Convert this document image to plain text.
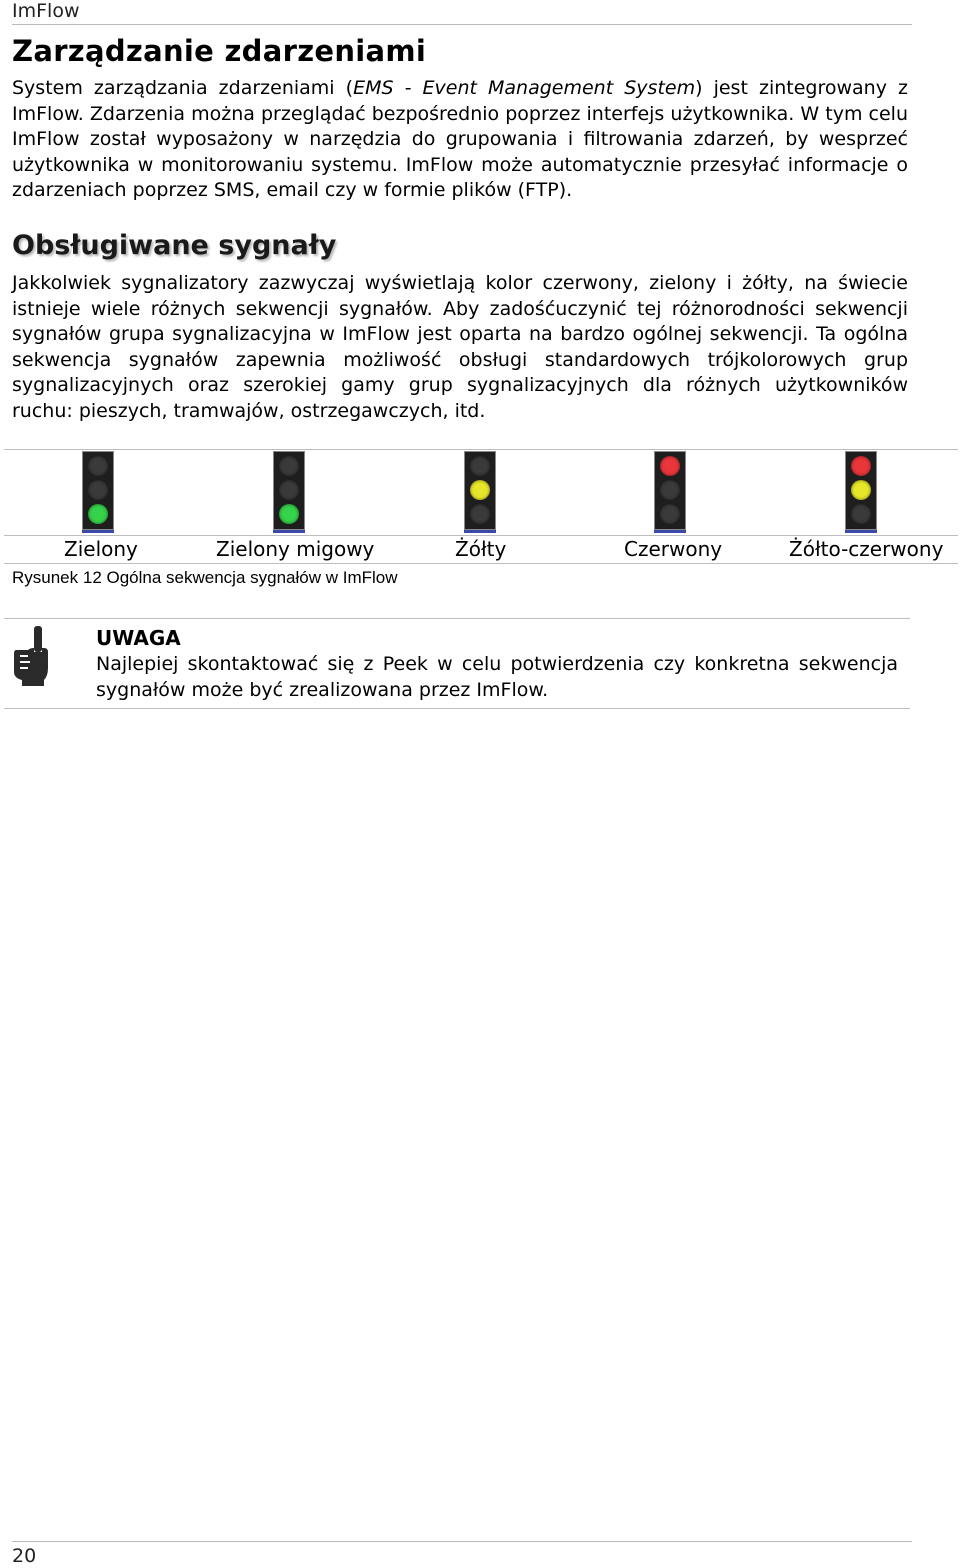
ImFlow
Zarządzanie zdarzeniami

System zarządzania zdarzeniami (EMS - Event Management System) jest zintegrowany z ImFlow. Zdarzenia można przeglądać bezpośrednio poprzez interfejs użytkownika. W tym celu ImFlow został wyposażony w narzędzia do grupowania i filtrowania zdarzeń, by wesprzeć użytkownika w monitorowaniu systemu. ImFlow może automatycznie przesyłać informacje o zdarzeniach poprzez SMS, email czy w formie plików (FTP).

Obsługiwane sygnały

Jakkolwiek sygnalizatory zazwyczaj wyświetlają kolor czerwony, zielony i żółty, na świecie istnieje wiele różnych sekwencji sygnałów. Aby zadośćuczynić tej różnorodności sekwencji sygnałów grupa sygnalizacyjna w ImFlow jest oparta na bardzo ogólnej sekwencji. Ta ogólna sekwencja sygnałów zapewnia możliwość obsługi standardowych trójkolorowych grup sygnalizacyjnych oraz szerokiej gamy grup sygnalizacyjnych dla różnych użytkowników ruchu: pieszych, tramwajów, ostrzegawczych, itd.

Zielony	Zielony migowy	Żółty	Czerwony	Żółto-czerwony
Rysunek 12 Ogólna sekwencja sygnałów w ImFlow
UWAGA

Najlepiej skontaktować się z Peek w celu potwierdzenia czy konkretna sekwencja sygnałów może być zrealizowana przez ImFlow.

20
